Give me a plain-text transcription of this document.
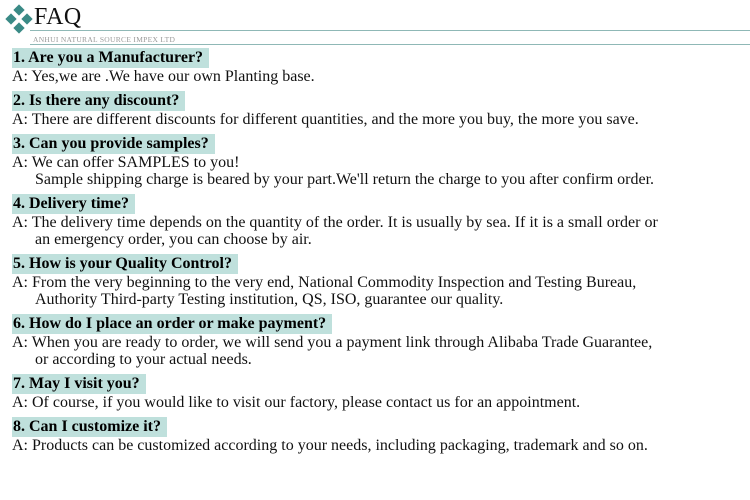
FAQ
ANHUI NATURAL SOURCE IMPEX LTD
1. Are you a Manufacturer?
A: Yes,we are .We have our own Planting base.
2. Is there any discount?
A: There are different discounts for different quantities, and the more you buy, the more you save.
3. Can you provide samples?
A: We can offer SAMPLES to you!
Sample shipping charge is beared by your part.We'll return the charge to you after confirm order.
4. Delivery time?
A: The delivery time depends on the quantity of the order. It is usually by sea. If it is a small order or
an emergency order, you can choose by air.
5. How is your Quality Control?
A: From the very beginning to the very end, National Commodity Inspection and Testing Bureau,
Authority Third-party Testing institution, QS, ISO, guarantee our quality.
6. How do I place an order or make payment?
A: When you are ready to order, we will send you a payment link through Alibaba Trade Guarantee,
or according to your actual needs.
7. May I visit you?
A: Of course, if you would like to visit our factory, please contact us for an appointment.
8. Can I customize it?
A: Products can be customized according to your needs, including packaging, trademark and so on.
